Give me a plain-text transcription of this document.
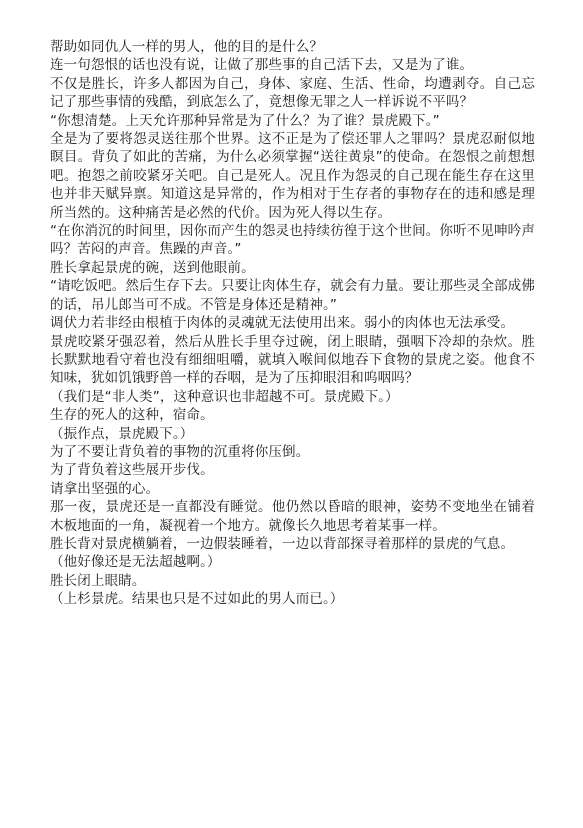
帮助如同仇人一样的男人，他的目的是什么？

连一句怨恨的话也没有说，让做了那些事的自己活下去，又是为了谁。

不仅是胜长，许多人都因为自己，身体、家庭、生活、性命，均遭剥夺。自己忘记了那些事情的残酷，到底怎么了，竟想像无罪之人一样诉说不平吗？

“你想清楚。上天允许那种异常是为了什么？为了谁？景虎殿下。”

全是为了要将怨灵送往那个世界。这不正是为了偿还罪人之罪吗？景虎忍耐似地瞑目。背负了如此的苦痛，为什么必须掌握“送往黄泉”的使命。在怨恨之前想想吧。抱怨之前咬紧牙关吧。自己是死人。况且作为怨灵的自己现在能生存在这里也并非天赋异禀。知道这是异常的，作为相对于生存者的事物存在的违和感是理所当然的。这种痛苦是必然的代价。因为死人得以生存。

“在你消沉的时间里，因你而产生的怨灵也持续彷徨于这个世间。你听不见呻吟声吗？苦闷的声音。焦躁的声音。”

胜长拿起景虎的碗，送到他眼前。

“请吃饭吧。然后生存下去。只要让肉体生存，就会有力量。要让那些灵全部成佛的话，吊儿郎当可不成。不管是身体还是精神。”

调伏力若非经由根植于肉体的灵魂就无法使用出来。弱小的肉体也无法承受。

景虎咬紧牙强忍着，然后从胜长手里夺过碗，闭上眼睛，强咽下冷却的杂炊。胜长默默地看守着也没有细细咀嚼，就填入喉间似地吞下食物的景虎之姿。他食不知味，犹如饥饿野兽一样的吞咽，是为了压抑眼泪和呜咽吗？

（我们是“非人类”，这种意识也非超越不可。景虎殿下。）

生存的死人的这种，宿命。

（振作点，景虎殿下。）

为了不要让背负着的事物的沉重将你压倒。

为了背负着这些展开步伐。

请拿出坚强的心。

那一夜，景虎还是一直都没有睡觉。他仍然以昏暗的眼神，姿势不变地坐在铺着木板地面的一角，凝视着一个地方。就像长久地思考着某事一样。

胜长背对景虎横躺着，一边假装睡着，一边以背部探寻着那样的景虎的气息。

（他好像还是无法超越啊。）

胜长闭上眼睛。

（上杉景虎。结果也只是不过如此的男人而已。）
